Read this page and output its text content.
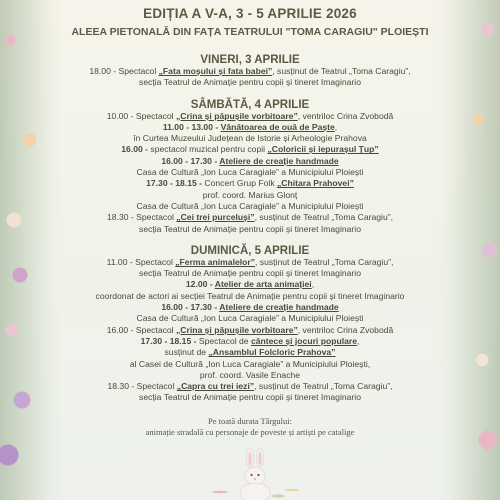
EDIȚIA A V-A, 3 - 5 APRILIE 2026
ALEEA PIETONALĂ DIN FAȚA TEATRULUI "TOMA CARAGIU" PLOIEȘTI
VINERI, 3 APRILIE
18.00 - Spectacol „Fata moșului și fata babei”, susținut de Teatrul „Toma Caragiu”,
secția Teatrul de Animație pentru copii și tineret Imaginario
SÂMBĂTĂ, 4 APRILIE
10.00 - Spectacol „Crina și păpușile vorbitoare”, ventriloc Crina Zvobodă
11.00 - 13.00 - Vânătoarea de ouă de Paște,
în Curtea Muzeului Județean de Istorie și Arheologie Prahova
16.00 - spectacol muzical pentru copii „Coloricii și iepurașul Țup”
16.00 - 17.30 - Ateliere de creație handmade
Casa de Cultură „Ion Luca Caragiale” a Municipiului Ploiești
17.30 - 18.15 - Concert Grup Folk „Chitara Prahovei”
prof. coord. Marius Glonț
Casa de Cultură „Ion Luca Caragiale” a Municipiului Ploiești
18.30 - Spectacol „Cei trei purceluși”, susținut de Teatrul „Toma Caragiu”,
secția Teatrul de Animație pentru copii și tineret Imaginario
DUMINICĂ, 5 APRILIE
11.00 - Spectacol „Ferma animalelor”, susținut de Teatrul „Toma Caragiu”,
secția Teatrul de Animație pentru copii și tineret Imaginario
12.00 - Atelier de arta animației,
coordonat de actori ai secției Teatrul de Animație pentru copii și tineret Imaginario
16.00 - 17.30 - Ateliere de creație handmade
Casa de Cultură „Ion Luca Caragiale” a Municipiului Ploiești
16.00 - Spectacol „Crina și păpușile vorbitoare”, ventriloc Crina Zvobodă
17.30 - 18.15 - Spectacol de cântece și jocuri populare,
susținut de „Ansamblul Folcloric Prahova”
al Casei de Cultură „Ion Luca Caragiale” a Municipiului Ploiești,
prof. coord. Vasile Enache
18.30 - Spectacol „Capra cu trei iezi”, susținut de Teatrul „Toma Caragiu”,
secția Teatrul de Animație pentru copii și tineret Imaginario
Pe toată durata Târgului:
animație stradală cu personaje de poveste și artiști pe catalige
